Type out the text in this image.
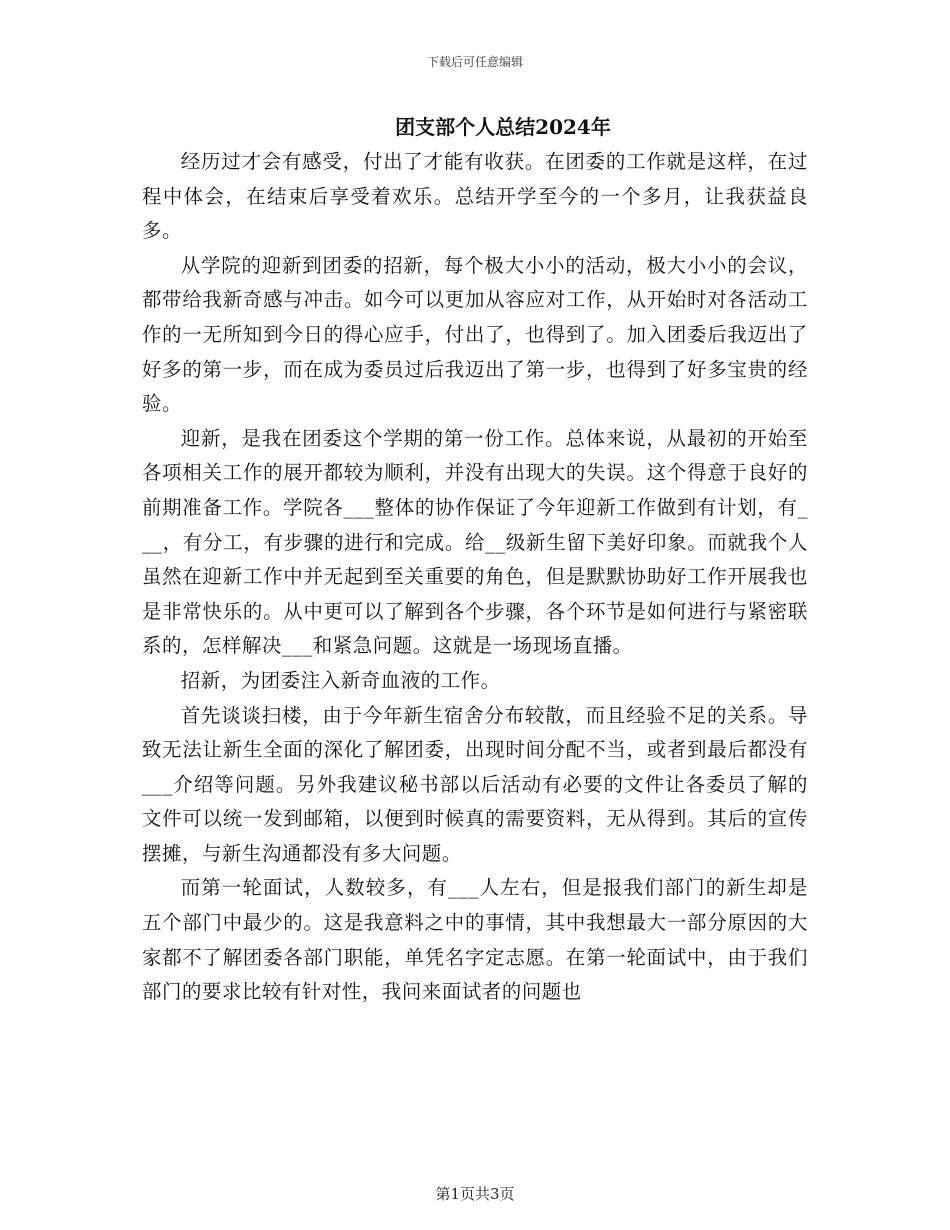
下载后可任意编辑
团支部个人总结2024年

经历过才会有感受，付出了才能有收获。在团委的工作就是这样，在过程中体会，在结束后享受着欢乐。总结开学至今的一个多月，让我获益良多。

从学院的迎新到团委的招新，每个极大小小的活动，极大小小的会议，都带给我新奇感与冲击。如今可以更加从容应对工作，从开始时对各活动工作的一无所知到今日的得心应手，付出了，也得到了。加入团委后我迈出了好多的第一步，而在成为委员过后我迈出了第一步，也得到了好多宝贵的经验。

迎新，是我在团委这个学期的第一份工作。总体来说，从最初的开始至各项相关工作的展开都较为顺利，并没有出现大的失误。这个得意于良好的前期准备工作。学院各___整体的协作保证了今年迎新工作做到有计划，有___，有分工，有步骤的进行和完成。给__级新生留下美好印象。而就我个人虽然在迎新工作中并无起到至关重要的角色，但是默默协助好工作开展我也是非常快乐的。从中更可以了解到各个步骤，各个环节是如何进行与紧密联系的，怎样解决___和紧急问题。这就是一场现场直播。

招新，为团委注入新奇血液的工作。

首先谈谈扫楼，由于今年新生宿舍分布较散，而且经验不足的关系。导致无法让新生全面的深化了解团委，出现时间分配不当，或者到最后都没有___介绍等问题。另外我建议秘书部以后活动有必要的文件让各委员了解的文件可以统一发到邮箱，以便到时候真的需要资料，无从得到。其后的宣传摆摊，与新生沟通都没有多大问题。

而第一轮面试，人数较多，有___人左右，但是报我们部门的新生却是五个部门中最少的。这是我意料之中的事情，其中我想最大一部分原因的大家都不了解团委各部门职能，单凭名字定志愿。在第一轮面试中，由于我们部门的要求比较有针对性，我问来面试者的问题也

第1页共3页
